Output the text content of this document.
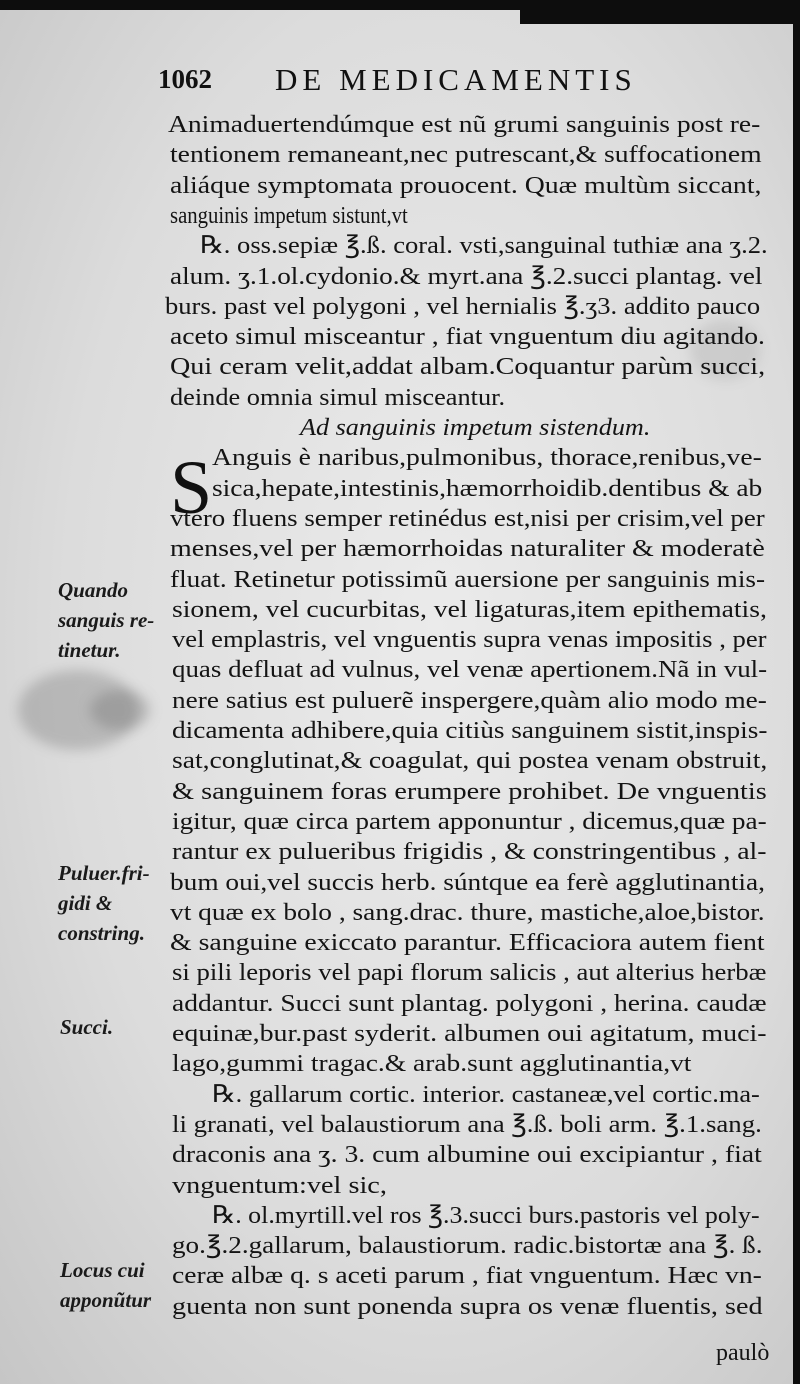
1062 DE MEDICAMENTIS
Animaduertendúmque est nũ grumi sanguinis post re-
tentionem remaneant,nec putrescant,& suffocationem
aliáque symptomata prouocent. Quæ multùm siccant,
sanguinis impetum sistunt,vt
℞. oss.sepiæ ℥.ß. coral. vsti,sanguinal tuthiæ ana ʒ.2.
alum. ʒ.1.ol.cydonio.& myrt.ana ℥.2.succi plantag. vel
burs. past vel polygoni , vel hernialis ℥.ʒ3. addito pauco
aceto simul misceantur , fiat vnguentum diu agitando.
Qui ceram velit,addat albam.Coquantur parùm succi,
deinde omnia simul misceantur.
Ad sanguinis impetum sistendum.
Anguis è naribus,pulmonibus, thorace,renibus,ve-
sica,hepate,intestinis,hæmorrhoidib.dentibus & ab
vtero fluens semper retinédus est,nisi per crisim,vel per
menses,vel per hæmorrhoidas naturaliter & moderatè
fluat. Retinetur potissimũ auersione per sanguinis mis-
sionem, vel cucurbitas, vel ligaturas,item epithematis,
vel emplastris, vel vnguentis supra venas impositis , per
quas defluat ad vulnus, vel venæ apertionem.Nã in vul-
nere satius est puluerẽ inspergere,quàm alio modo me-
dicamenta adhibere,quia citiùs sanguinem sistit,inspis-
sat,conglutinat,& coagulat, qui postea venam obstruit,
& sanguinem foras erumpere prohibet. De vnguentis
igitur, quæ circa partem apponuntur , dicemus,quæ pa-
rantur ex pulueribus frigidis , & constringentibus , al-
bum oui,vel succis herb. súntque ea ferè agglutinantia,
vt quæ ex bolo , sang.drac. thure, mastiche,aloe,bistor.
& sanguine exiccato parantur. Efficaciora autem fient
si pili leporis vel papi florum salicis , aut alterius herbæ
addantur. Succi sunt plantag. polygoni , herina. caudæ
equinæ,bur.past syderit. albumen oui agitatum, muci-
lago,gummi tragac.& arab.sunt agglutinantia,vt
℞. gallarum cortic. interior. castaneæ,vel cortic.ma-
li granati, vel balaustiorum ana ℥.ß. boli arm. ℥.1.sang.
draconis ana ʒ. 3. cum albumine oui excipiantur , fiat
vnguentum:vel sic,
℞. ol.myrtill.vel ros ℥.3.succi burs.pastoris vel poly-
go.℥.2.gallarum, balaustiorum. radic.bistortæ ana ℥. ß.
ceræ albæ q. s aceti parum , fiat vnguentum. Hæc vn-
guenta non sunt ponenda supra os venæ fluentis, sed
S
Quando
sanguis re-
tinetur.
Puluer.fri-
gidi &
constring.
Succi.
Locus cui
apponũtur
paulò
